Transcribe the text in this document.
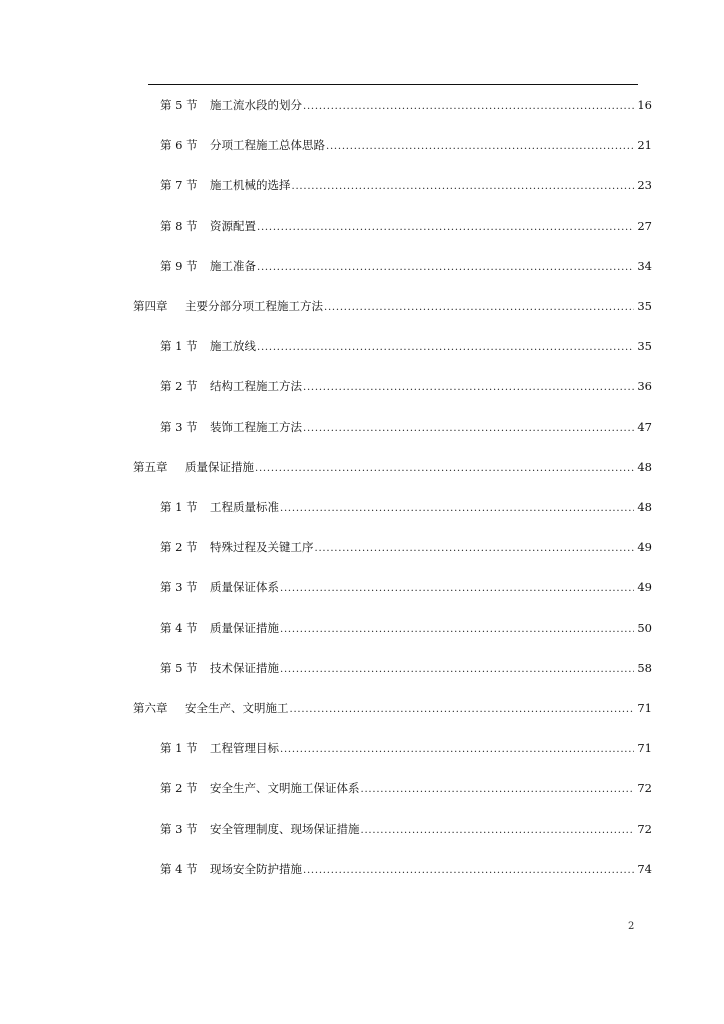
第 5 节	施工流水段的划分 . . .	16
第 6 节	分项工程施工总体思路 . . .	21
第 7 节	施工机械的选择 . . .	23
第 8 节	资源配置 . . .	27
第 9 节	施工准备 . . .	34
第四章	主要分部分项工程施工方法 . . .	35
第 1 节	施工放线 . . .	35
第 2 节	结构工程施工方法 . . .	36
第 3 节	装饰工程施工方法 . . .	47
第五章	质量保证措施 . . .	48
第 1 节	工程质量标准 . . .	48
第 2 节	特殊过程及关键工序 . . .	49
第 3 节	质量保证体系 . . .	49
第 4 节	质量保证措施 . . .	50
第 5 节	技术保证措施 . . .	58
第六章	安全生产、文明施工 . . .	71
第 1 节	工程管理目标 . . .	71
第 2 节	安全生产、文明施工保证体系 . . .	72
第 3 节	安全管理制度、现场保证措施 . . .	72
第 4 节	现场安全防护措施 . . .	74
2
